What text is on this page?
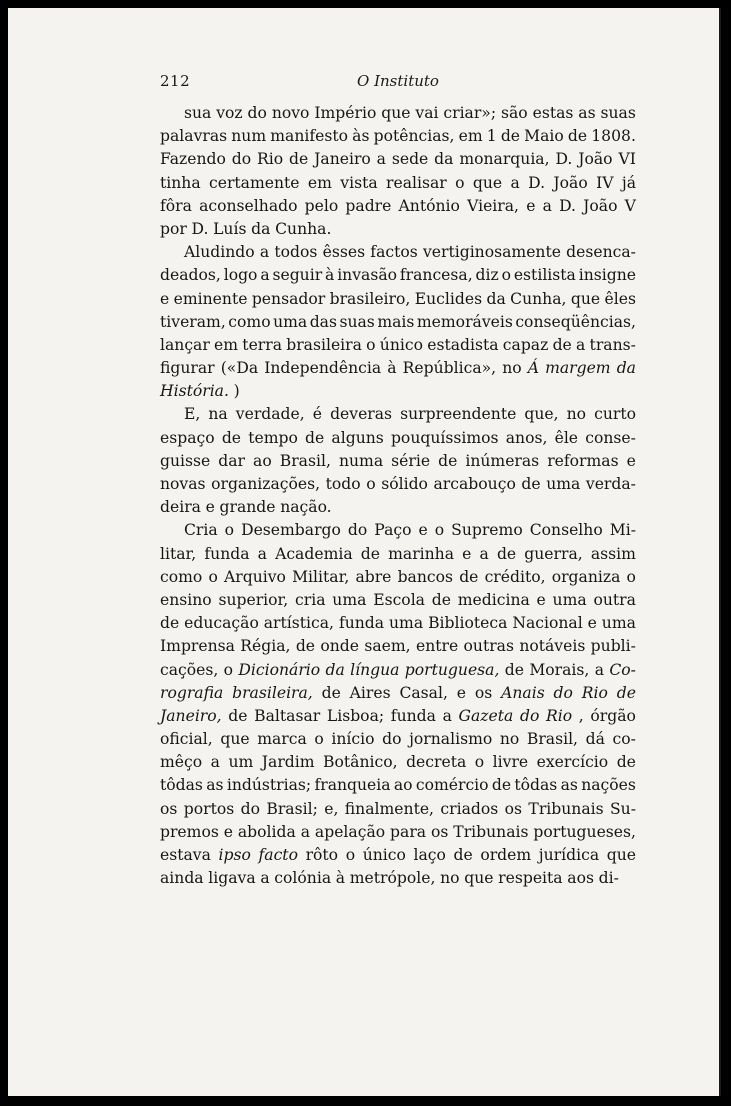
212	O Instituto
sua voz do novo Império que vai criar»; são estas as suas
palavras num manifesto às potências, em 1 de Maio de 1808.
Fazendo do Rio de Janeiro a sede da monarquia, D. João VI
tinha certamente em vista realisar o que a D. João IV já
fôra aconselhado pelo padre António Vieira, e a D. João V
por D. Luís da Cunha.
Aludindo a todos êsses factos vertiginosamente desenca-
deados, logo a seguir à invasão francesa, diz o estilista insigne
e eminente pensador brasileiro, Euclides da Cunha, que êles
tiveram, como uma das suas mais memoráveis conseqüências,
lançar em terra brasileira o único estadista capaz de a trans-
figurar («Da Independência à República», no Á margem da
História. )
E, na verdade, é deveras surpreendente que, no curto
espaço de tempo de alguns pouquíssimos anos, êle conse-
guisse dar ao Brasil, numa série de inúmeras reformas e
novas organizações, todo o sólido arcabouço de uma verda-
deira e grande nação.
Cria o Desembargo do Paço e o Supremo Conselho Mi-
litar, funda a Academia de marinha e a de guerra, assim
como o Arquivo Militar, abre bancos de crédito, organiza o
ensino superior, cria uma Escola de medicina e uma outra
de educação artística, funda uma Biblioteca Nacional e uma
Imprensa Régia, de onde saem, entre outras notáveis publi-
cações, o Dicionário da língua portuguesa, de Morais, a Co-
rografia brasileira, de Aires Casal, e os Anais do Rio de
Janeiro, de Baltasar Lisboa; funda a Gazeta do Rio , órgão
oficial, que marca o início do jornalismo no Brasil, dá co-
mêço a um Jardim Botânico, decreta o livre exercício de
tôdas as indústrias; franqueia ao comércio de tôdas as nações
os portos do Brasil; e, finalmente, criados os Tribunais Su-
premos e abolida a apelação para os Tribunais portugueses,
estava ipso facto rôto o único laço de ordem jurídica que
ainda ligava a colónia à metrópole, no que respeita aos di-
